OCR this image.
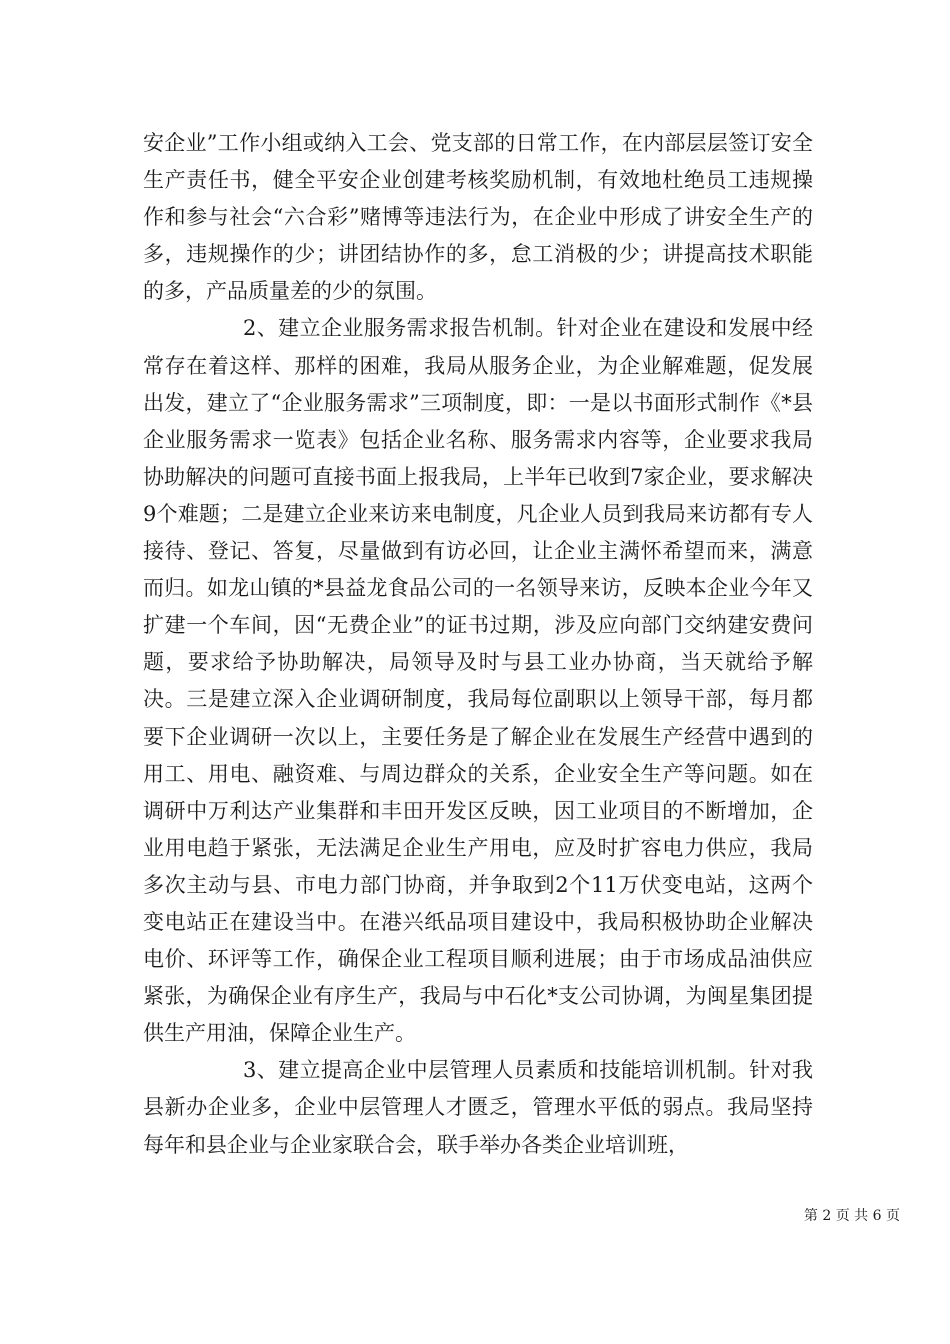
安企业”工作小组或纳入工会、党支部的日常工作，在内部层层签订安全生产责任书，健全平安企业创建考核奖励机制，有效地杜绝员工违规操作和参与社会“六合彩”赌博等违法行为，在企业中形成了讲安全生产的多，违规操作的少；讲团结协作的多，怠工消极的少；讲提高技术职能的多，产品质量差的少的氛围。

2、建立企业服务需求报告机制。针对企业在建设和发展中经常存在着这样、那样的困难，我局从服务企业，为企业解难题，促发展出发，建立了“企业服务需求”三项制度，即：一是以书面形式制作《*县企业服务需求一览表》包括企业名称、服务需求内容等，企业要求我局协助解决的问题可直接书面上报我局，上半年已收到7家企业，要求解决9个难题；二是建立企业来访来电制度，凡企业人员到我局来访都有专人接待、登记、答复，尽量做到有访必回，让企业主满怀希望而来，满意而归。如龙山镇的*县益龙食品公司的一名领导来访，反映本企业今年又扩建一个车间，因“无费企业”的证书过期，涉及应向部门交纳建安费问题，要求给予协助解决，局领导及时与县工业办协商，当天就给予解决。三是建立深入企业调研制度，我局每位副职以上领导干部，每月都要下企业调研一次以上，主要任务是了解企业在发展生产经营中遇到的用工、用电、融资难、与周边群众的关系，企业安全生产等问题。如在调研中万利达产业集群和丰田开发区反映，因工业项目的不断增加，企业用电趋于紧张，无法满足企业生产用电，应及时扩容电力供应，我局多次主动与县、市电力部门协商，并争取到2个11万伏变电站，这两个变电站正在建设当中。在港兴纸品项目建设中，我局积极协助企业解决电价、环评等工作，确保企业工程项目顺利进展；由于市场成品油供应紧张，为确保企业有序生产，我局与中石化*支公司协调，为闽星集团提供生产用油，保障企业生产。

3、建立提高企业中层管理人员素质和技能培训机制。针对我县新办企业多，企业中层管理人才匮乏，管理水平低的弱点。我局坚持每年和县企业与企业家联合会，联手举办各类企业培训班，

第 2 页 共 6 页
